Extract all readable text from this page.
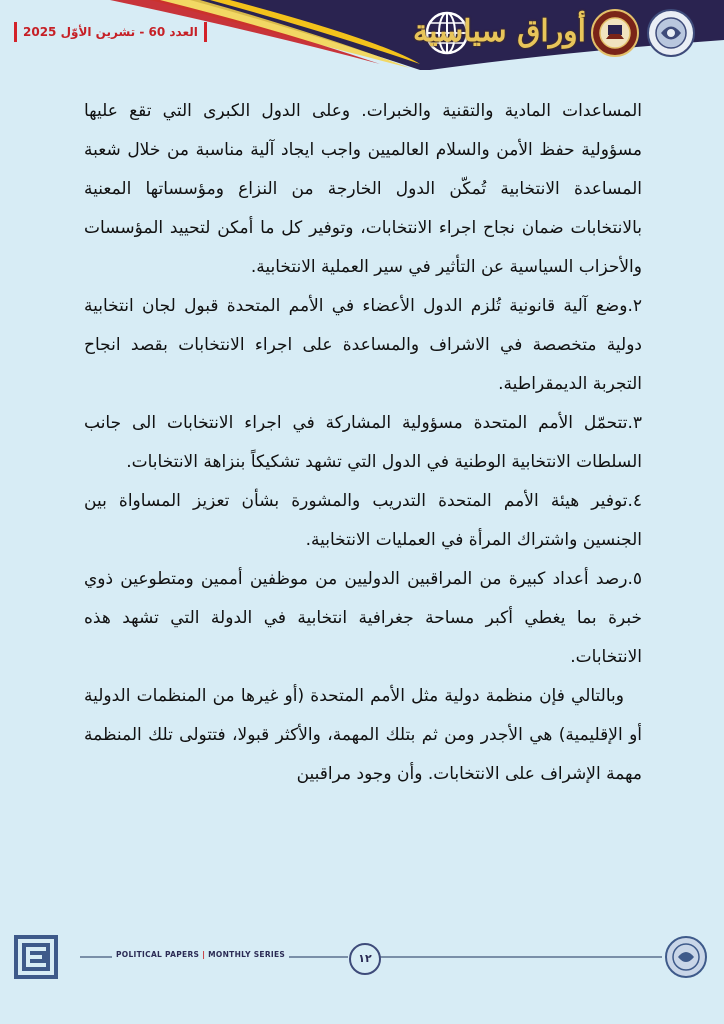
العدد 60 - تشرين الأوّل 2025	أوراق سياسية

المساعدات المادية والتقنية والخبرات. وعلى الدول الكبرى التي تقع عليها مسؤولية حفظ الأمن والسلام العالميين واجب ايجاد آلية مناسبة من خلال شعبة المساعدة الانتخابية تُمكّن الدول الخارجة من النزاع ومؤسساتها المعنية بالانتخابات ضمان نجاح اجراء الانتخابات، وتوفير كل ما أمكن لتحييد المؤسسات والأحزاب السياسية عن التأثير في سير العملية الانتخابية.

٢.وضع آلية قانونية تُلزم الدول الأعضاء في الأمم المتحدة قبول لجان انتخابية دولية متخصصة في الاشراف والمساعدة على اجراء الانتخابات بقصد انجاح التجربة الديمقراطية.

٣.تتحمّل الأمم المتحدة مسؤولية المشاركة في اجراء الانتخابات الى جانب السلطات الانتخابية الوطنية في الدول التي تشهد تشكيكاً بنزاهة الانتخابات.

٤.توفير هيئة الأمم المتحدة التدريب والمشورة بشأن تعزيز المساواة بين الجنسين واشتراك المرأة في العمليات الانتخابية.

٥.رصد أعداد كبيرة من المراقبين الدوليين من موظفين أممين ومتطوعين ذوي خبرة بما يغطي أكبر مساحة جغرافية انتخابية في الدولة التي تشهد هذه الانتخابات.

وبالتالي فإن منظمة دولية مثل الأمم المتحدة (أو غيرها من المنظمات الدولية أو الإقليمية) هي الأجدر ومن ثم بتلك المهمة، والأكثر قبولا، فتتولى تلك المنظمة مهمة الإشراف على الانتخابات. وأن وجود مراقبين

POLITICAL PAPERS | MONTHLY SERIES	١٢
